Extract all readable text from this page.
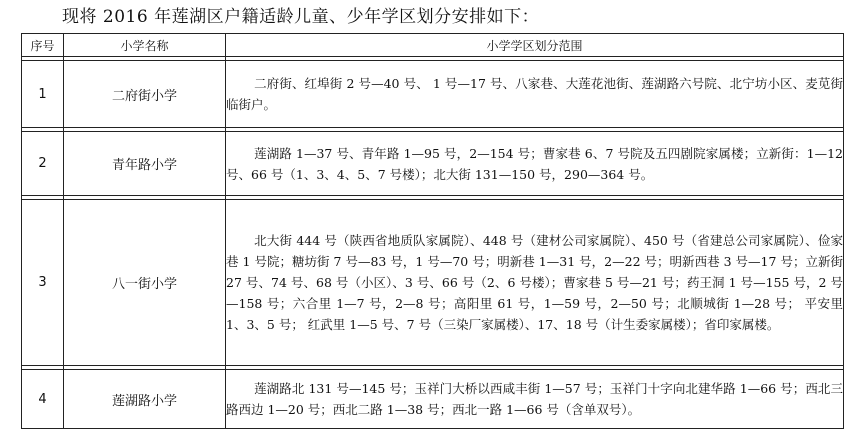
现将 2016 年莲湖区户籍适龄儿童、少年学区划分安排如下：
序号	小学名称	小学学区划分范围

1	二府街小学	二府街、红埠街 2 号—40 号、 1 号—17 号、八家巷、大莲花池街、莲湖路六号院、北宁坊小区、麦苋街临街户。

2	青年路小学	莲湖路 1—37 号、青年路 1—95 号，2—154 号；曹家巷 6、7 号院及五四剧院家属楼；立新街：1—12 号、66 号（1、3、4、5、7 号楼）；北大街 131—150 号，290—364 号。

3	八一街小学	北大街 444 号（陕西省地质队家属院）、448 号（建材公司家属院）、450 号（省建总公司家属院）、俭家巷 1 号院；糖坊街 7 号—83 号，1 号—70 号；明新巷 1—31 号，2—22 号；明新西巷 3 号—17 号；立新街 27 号、74 号、68 号（小区）、3 号、66 号（2、6 号楼）；曹家巷 5 号—21 号；药王洞 1 号—155 号，2 号—158 号；六合里 1—7 号，2—8 号；高阳里 61 号，1—59 号，2—50 号；北顺城街 1—28 号； 平安里 1、3、5 号； 红武里 1—5 号、7 号（三染厂家属楼）、17、18 号（计生委家属楼）；省印家属楼。

4	莲湖路小学	莲湖路北 131 号—145 号；玉祥门大桥以西咸丰街 1—57 号；玉祥门十字向北建华路 1—66 号；西北三路西边 1—20 号；西北二路 1—38 号；西北一路 1—66 号（含单双号）。
